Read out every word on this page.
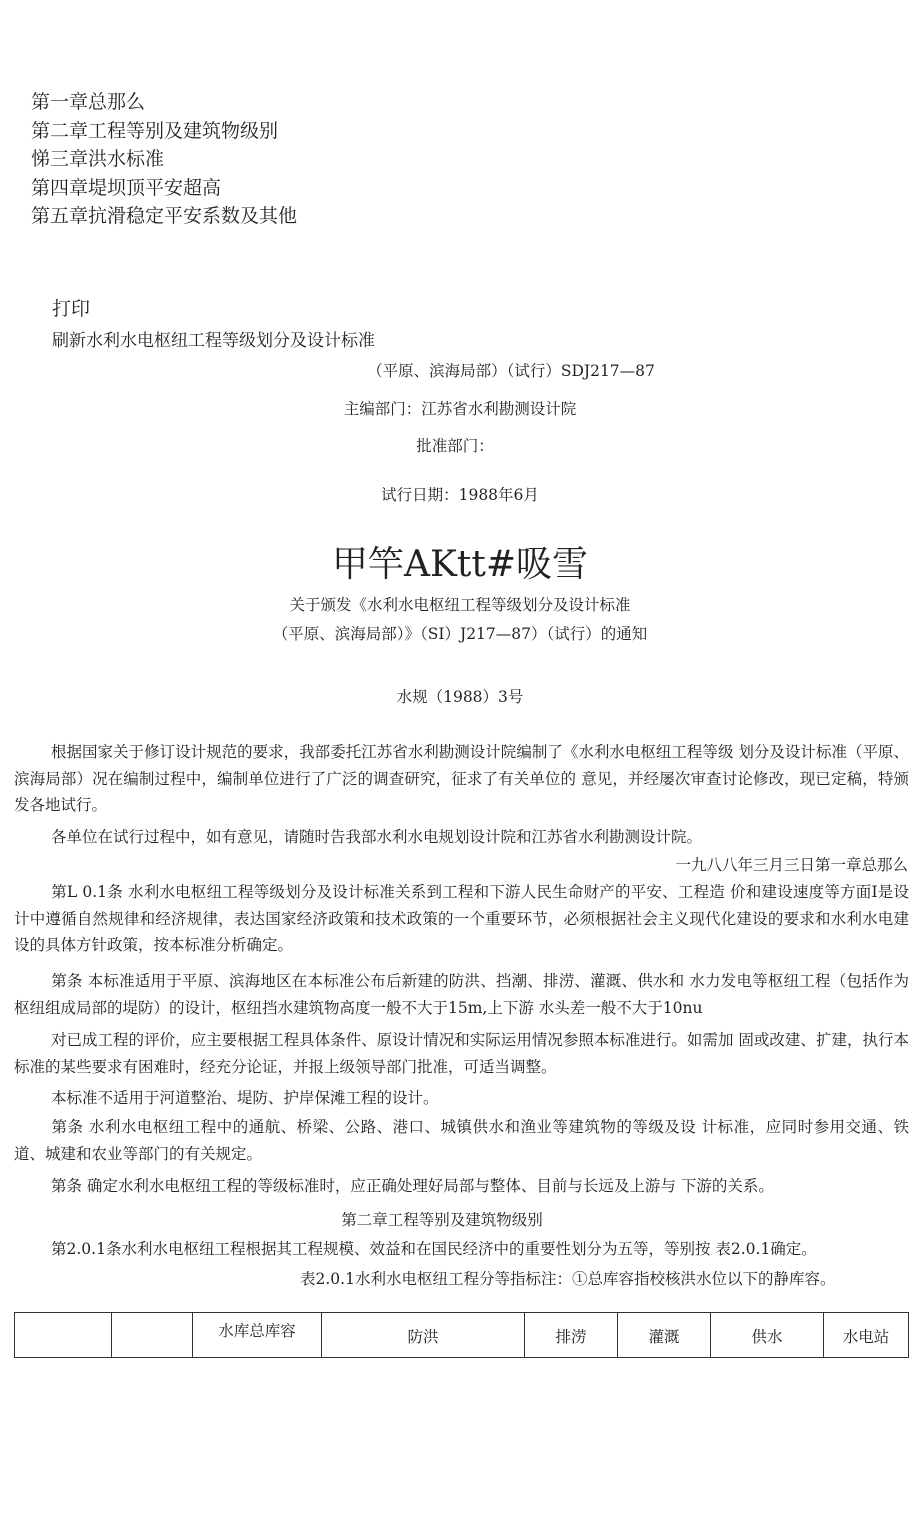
第一章总那么
第二章工程等别及建筑物级别
悌三章洪水标准
第四章堤坝顶平安超高
第五章抗滑稳定平安系数及其他
打印
刷新水利水电枢纽工程等级划分及设计标准
（平原、滨海局部）（试行）SDJ217—87
主编部门：江苏省水利勘测设计院
批准部门：
试行日期：1988年6月
甲竿AKtt#吸雪
关于颁发《水利水电枢纽工程等级划分及设计标准
（平原、滨海局部）》（SI）J217—87）（试行）的通知
水规（1988）3号
根据国家关于修订设计规范的要求，我部委托江苏省水利勘测设计院编制了《水利水电枢纽工程等级 划分及设计标准（平原、滨海局部）况在编制过程中，编制单位进行了广泛的调查研究，征求了有关单位的 意见，并经屡次审查讨论修改，现已定稿，特颁发各地试行。
各单位在试行过程中，如有意见，请随时告我部水利水电规划设计院和江苏省水利勘测设计院。
一九八八年三月三日第一章总那么
第L 0.1条 水利水电枢纽工程等级划分及设计标准关系到工程和下游人民生命财产的平安、工程造 价和建设速度等方面I是设计中遵循自然规律和经济规律，表达国家经济政策和技术政策的一个重要环节，必须根据社会主义现代化建设的要求和水利水电建设的具体方针政策，按本标准分析确定。
第条 本标准适用于平原、滨海地区在本标准公布后新建的防洪、挡潮、排涝、灌溉、供水和 水力发电等枢纽工程（包括作为枢纽组成局部的堤防）的设计，枢纽挡水建筑物高度一般不大于15m,上下游 水头差一般不大于10nu
对已成工程的评价，应主要根据工程具体条件、原设计情况和实际运用情况参照本标准进行。如需加 固或改建、扩建，执行本标准的某些要求有困难时，经充分论证，并报上级领导部门批准，可适当调整。
本标准不适用于河道整治、堤防、护岸保滩工程的设计。
第条 水利水电枢纽工程中的通航、桥梁、公路、港口、城镇供水和渔业等建筑物的等级及设 计标准，应同时参用交通、铁道、城建和农业等部门的有关规定。
第条 确定水利水电枢纽工程的等级标准时，应正确处理好局部与整体、目前与长远及上游与 下游的关系。
第二章工程等别及建筑物级别
第2.0.1条水利水电枢纽工程根据其工程规模、效益和在国民经济中的重要性划分为五等，等别按 表2.0.1确定。
表2.0.1水利水电枢纽工程分等指标注：①总库容指校核洪水位以下的静库容。
		水库总库容	防洪	排涝	灌溉	供水	水电站
